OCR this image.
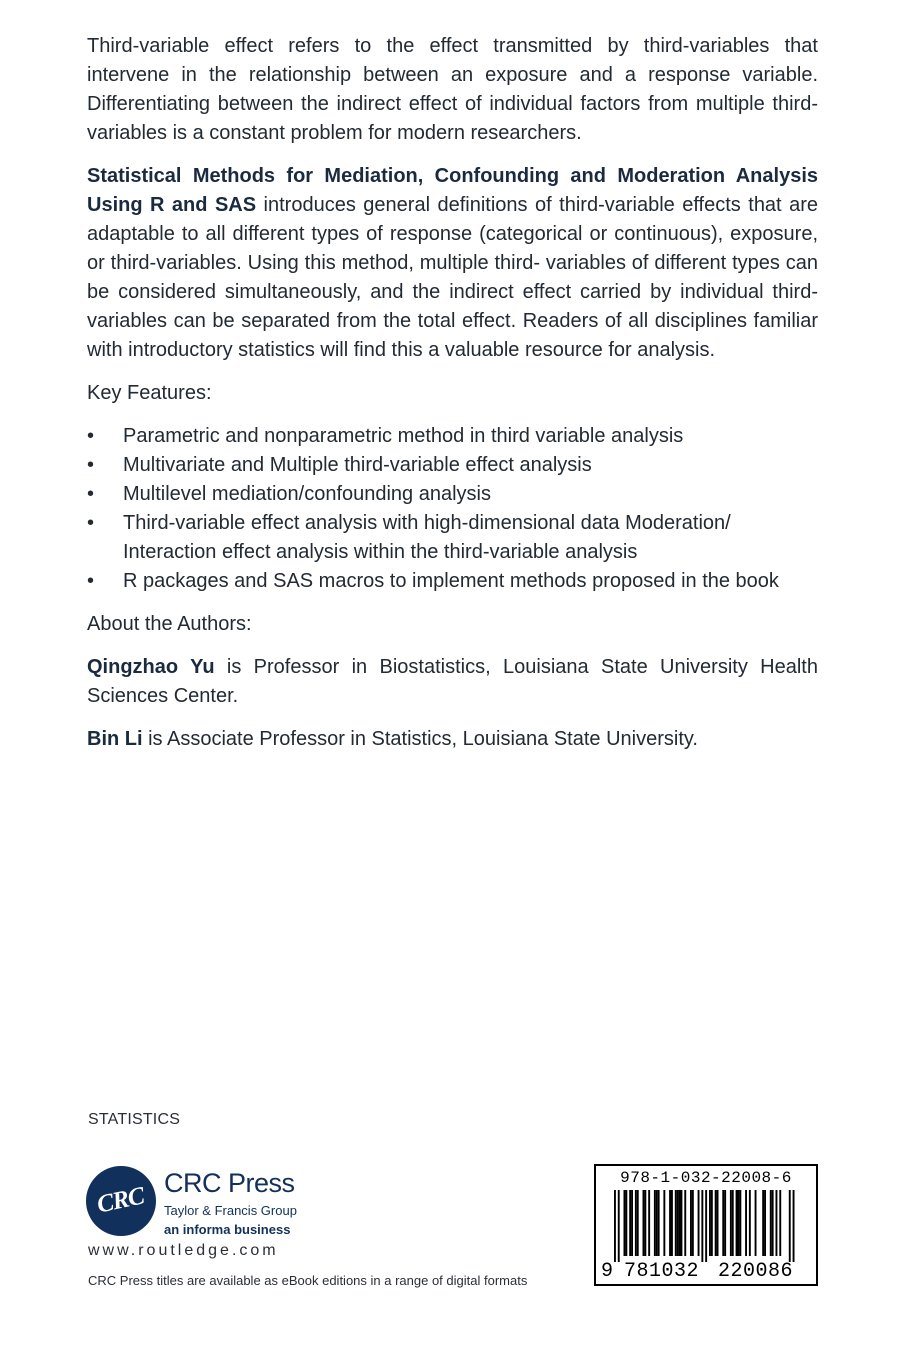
Third-variable effect refers to the effect transmitted by third-variables that intervene in the relationship between an exposure and a response variable. Differentiating between the indirect effect of individual factors from multiple third-variables is a constant problem for modern researchers.

Statistical Methods for Mediation, Confounding and Moderation Analysis Using R and SAS introduces general definitions of third-variable effects that are adaptable to all different types of response (categorical or continuous), exposure, or third-variables. Using this method, multiple third- variables of different types can be considered simultaneously, and the indirect effect carried by individual third-variables can be separated from the total effect. Readers of all disciplines familiar with introductory statistics will find this a valuable resource for analysis.

Key Features:

• Parametric and nonparametric method in third variable analysis
• Multivariate and Multiple third-variable effect analysis
• Multilevel mediation/confounding analysis
• Third-variable effect analysis with high-dimensional data Moderation/ Interaction effect analysis within the third-variable analysis
• R packages and SAS macros to implement methods proposed in the book

About the Authors:

Qingzhao Yu is Professor in Biostatistics, Louisiana State University Health Sciences Center.

Bin Li is Associate Professor in Statistics, Louisiana State University.

STATISTICS
CRC CRC Press
Taylor & Francis Group
an informa business
www.routledge.com
CRC Press titles are available as eBook editions in a range of digital formats
978-1-032-22008-6
9 781032 220086
